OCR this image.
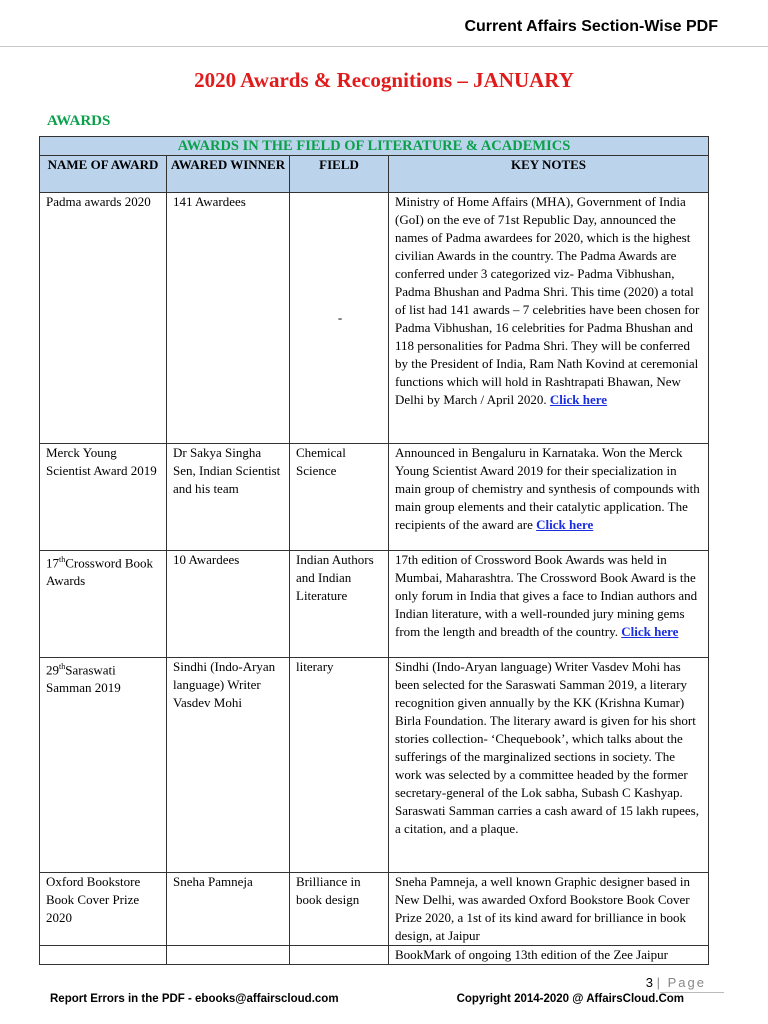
Current Affairs Section-Wise PDF
2020 Awards & Recognitions – JANUARY
AWARDS
AWARDS IN THE FIELD OF LITERATURE & ACADEMICS			
NAME OF AWARD	AWARED WINNER	FIELD	KEY NOTES
Padma awards 2020	141 Awardees	-	Ministry of Home Affairs (MHA), Government of India (GoI) on the eve of 71st Republic Day, announced the names of Padma awardees for 2020, which is the highest civilian Awards in the country. The Padma Awards are conferred under 3 categorized viz- Padma Vibhushan, Padma Bhushan and Padma Shri. This time (2020) a total of list had 141 awards – 7 celebrities have been chosen for Padma Vibhushan, 16 celebrities for Padma Bhushan and 118 personalities for Padma Shri. They will be conferred by the President of India, Ram Nath Kovind at ceremonial functions which will hold in Rashtrapati Bhawan, New Delhi by March / April 2020. Click here
Merck Young Scientist Award 2019	Dr Sakya Singha Sen, Indian Scientist and his team	Chemical Science	Announced in Bengaluru in Karnataka. Won the Merck Young Scientist Award 2019 for their specialization in main group of chemistry and synthesis of compounds with main group elements and their catalytic application. The recipients of the award are Click here
17thCrossword Book Awards	10 Awardees	Indian Authors and Indian Literature	17th edition of Crossword Book Awards was held in Mumbai, Maharashtra. The Crossword Book Award is the only forum in India that gives a face to Indian authors and Indian literature, with a well-rounded jury mining gems from the length and breadth of the country. Click here
29thSaraswati Samman 2019	Sindhi (Indo-Aryan language) Writer Vasdev Mohi	literary	Sindhi (Indo-Aryan language) Writer Vasdev Mohi has been selected for the Saraswati Samman 2019, a literary recognition given annually by the KK (Krishna Kumar) Birla Foundation. The literary award is given for his short stories collection- ‘Chequebook’, which talks about the sufferings of the marginalized sections in society. The work was selected by a committee headed by the former secretary-general of the Lok sabha, Subash C Kashyap. Saraswati Samman carries a cash award of 15 lakh rupees, a citation, and a plaque.
Oxford Bookstore Book Cover Prize 2020	Sneha Pamneja	Brilliance in book design	Sneha Pamneja, a well known Graphic designer based in New Delhi, was awarded Oxford Bookstore Book Cover Prize 2020, a 1st of its kind award for brilliance in book design, at Jaipur
			BookMark of ongoing 13th edition of the Zee Jaipur
3 | Page
Report Errors in the PDF - ebooks@affairscloud.com	Copyright 2014-2020 @ AffairsCloud.Com
